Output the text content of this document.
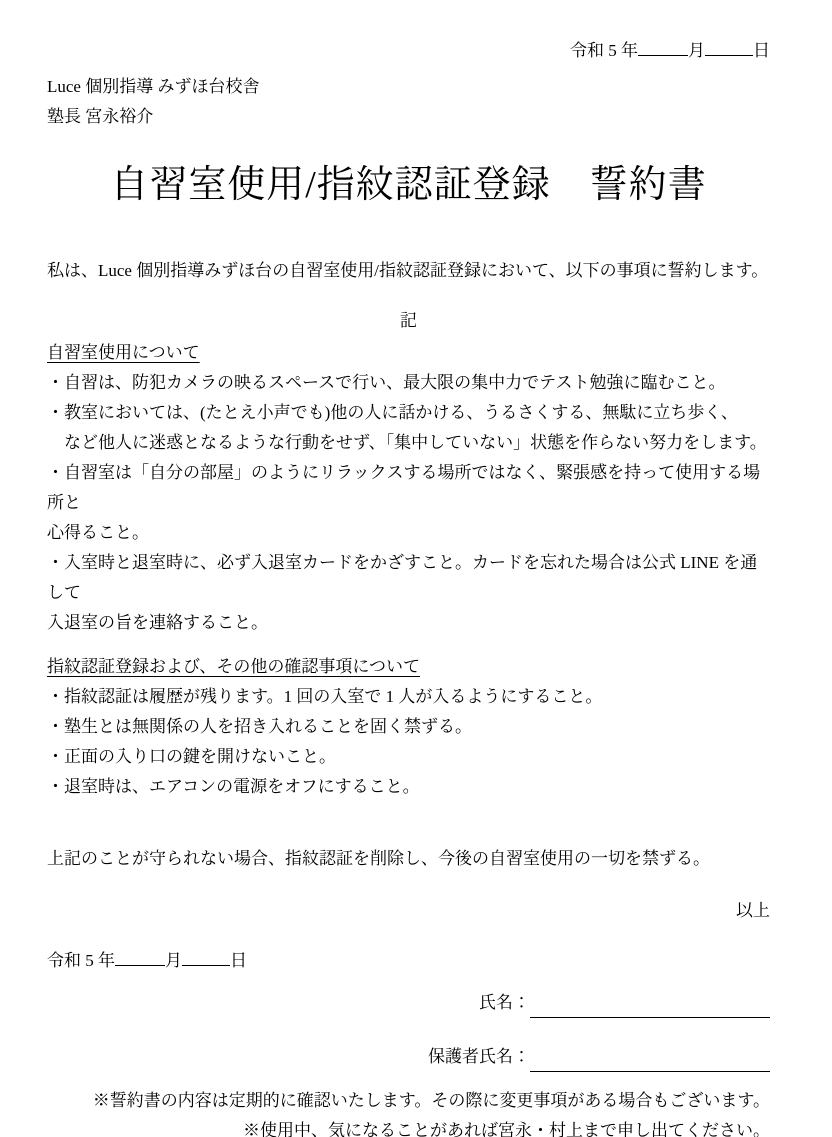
令和 5 年	月	日
Luce 個別指導 みずほ台校舎
塾長 宮永裕介
自習室使用/指紋認証登録　誓約書

私は、Luce 個別指導みずほ台の自習室使用/指紋認証登録において、以下の事項に誓約します。

記
自習室使用について
・自習は、防犯カメラの映るスペースで行い、最大限の集中力でテスト勉強に臨むこと。
・教室においては、(たとえ小声でも)他の人に話かける、うるさくする、無駄に立ち歩く、
　など他人に迷惑となるような行動をせず、「集中していない」状態を作らない努力をします。
・自習室は「自分の部屋」のようにリラックスする場所ではなく、緊張感を持って使用する場所と
心得ること。
・入室時と退室時に、必ず入退室カードをかざすこと。カードを忘れた場合は公式 LINE を通して
入退室の旨を連絡すること。
指紋認証登録および、その他の確認事項について
・指紋認証は履歴が残ります。1 回の入室で 1 人が入るようにすること。
・塾生とは無関係の人を招き入れることを固く禁ずる。
・正面の入り口の鍵を開けないこと。
・退室時は、エアコンの電源をオフにすること。

上記のことが守られない場合、指紋認証を削除し、今後の自習室使用の一切を禁ずる。

以上
令和 5 年	月	日
氏名：
保護者氏名：
※誓約書の内容は定期的に確認いたします。その際に変更事項がある場合もございます。
※使用中、気になることがあれば宮永・村上まで申し出てください。
